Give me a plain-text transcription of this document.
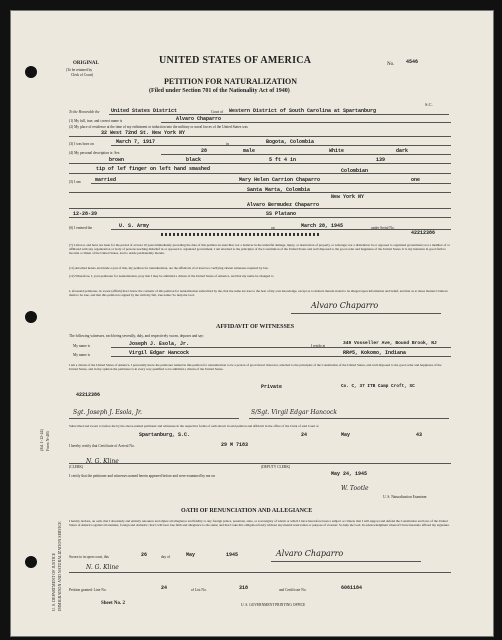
U. S. DEPARTMENT OF JUSTICE IMMIGRATION AND NATURALIZATION SERVICE
Form N-405
(Ed. 1-12-44)
ORIGINAL
(To be retained by
Clerk of Court)
UNITED STATES OF AMERICA	No. 4546
PETITION FOR NATURALIZATION
(Filed under Section 701 of the Nationality Act of 1940)
S.C.
To the Honorable the United States District	Court of Western District of South Carolina at Spartanburg
(1) My full, true, and correct name is	Alvaro Chaparro
(2) My place of residence at the time of my enlistment or induction into the military or naval forces of the United States was
32 West 72nd St. New York NY
(3) I was born on	March 7, 1917	in	Bogota, Colombia
(4) My personal description is: Sex	28	male	White	dark
brown	black	5 ft 4 in	139
tip of lef finger on left hand smashed	Colombian
(5) I am	married	Mary Helen Carrion Chaparro	one
Santa Marta, Colombia
New York NY
Alvaro Bermudez Chaparro
12-28-39	SS Platano
(6) I entered the	U. S. Army	on	March 28, 1945	under Serial No.
42212386
(7) I am not, and have not been for the period of at least 10 years immediately preceding the date of this petition an anarchist; nor a believer in the unlawful damage, injury, or destruction of property, or sabotage; nor a disbeliever in or opposed to organized government; nor a member of or affiliated with any organization or body of persons teaching disbelief in or opposed to organized government. I am attached to the principles of the Constitution of the United States and well disposed to the good order and happiness of the United States. It is my intention in good faith to become a citizen of the United States, and to reside permanently therein.
(11) Attached hereto and made a part of this, my petition for naturalization, are the affidavits of at least two verifying citizen witnesses required by law.
(12) Wherefore, I, your petitioner for naturalization, pray that I may be admitted a citizen of the United States of America, and that my name be changed to
I, aforesaid petitioner, do swear (affirm) that I know the contents of this petition for naturalization subscribed by me, that the same are true to the best of my own knowledge, except as to matters therein stated to be alleged upon information and belief, and that as to those matters I believe them to be true, and that this petition is signed by me with my full, true name: So help me God.
Alvaro Chaparro
AFFIDAVIT OF WITNESSES
The following witnesses, each being severally, duly, and respectively sworn, deposes and say:
My name is	Joseph J. Esola, Jr.	I reside at	349 Vosseller Ave, Bound Brook, NJ
My name is	Virgil Edgar Hancock	RR#5, Kokomo, Indiana
I am a citizen of the United States of America. I personally know the petitioner named in this petition for naturalization to be a person of good moral character, attached to the principles of the Constitution of the United States, and well disposed to the good order and happiness of the United States, and in my opinion the petitioner is in every way qualified to be admitted a citizen of the United States.
Private	Co. C, 37 ITB Camp Croft, SC
42212386
Sgt. Joseph J. Esola, Jr.	S/Sgt. Virgil Edgar Hancock
Subscribed and sworn to before me by the above-named petitioner and witnesses in the respective forms of oath shown in said petition and affidavit in the office of the Clerk of said Court at
Spartanburg, S.C.	24	May	43
I hereby certify that Certificate of Arrival No.	29 M 7183
N. G. Kline
(CLERK)	(DEPUTY CLERK)
I certify that the petitioner and witnesses named herein appeared before and were examined by me on	May 24, 1945
W. Tootle
U. S. Naturalization Examiner.
OATH OF RENUNCIATION AND ALLEGIANCE
I hereby declare, on oath, that I absolutely and entirely renounce and abjure all allegiance and fidelity to any foreign prince, potentate, state, or sovereignty of whom or which I have heretofore been a subject or citizen; that I will support and defend the Constitution and laws of the United States of America against all enemies, foreign and domestic; that I will bear true faith and allegiance to the same; and that I take this obligation freely without any mental reservation or purpose of evasion: So help me God. In acknowledgment whereof I have hereunto affixed my signature.
Sworn to in open court, this	26	day of	May	1945	Alvaro Chaparro
N. G. Kline
Petition granted: Line No.	24	of List No.	318	and Certificate No.	6061184
Sheet No. 2	U. S. GOVERNMENT PRINTING OFFICE
